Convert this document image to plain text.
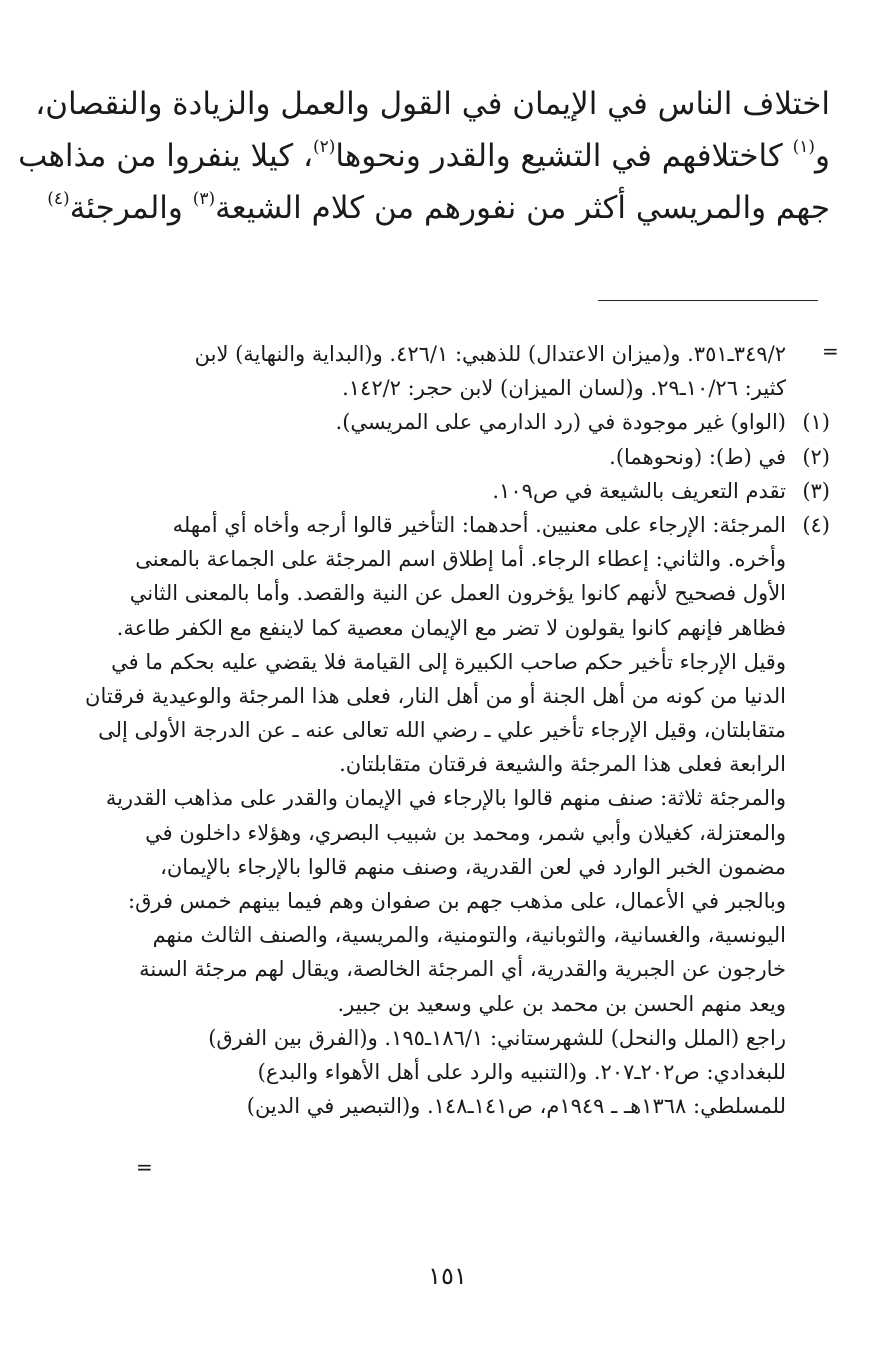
اختلاف الناس في الإيمان في القول والعمل والزيادة والنقصان،
و$^{(١)}$ كاختلافهم في التشيع والقدر ونحوها$^{(٢)}$، كيلا ينفروا من مذاهب
جهم والمريسي أكثر من نفورهم من كلام الشيعة$^{(٣)}$ والمرجئة$^{(٤)}$
=
٣٤٩/٢ـ٣٥١. و(ميزان الاعتدال) للذهبي: ٤٢٦/١. و(البداية والنهاية) لابن
كثير: ١٠/٢٦ـ٢٩. و(لسان الميزان) لابن حجر: ١٤٢/٢.
(١)
(الواو) غير موجودة في (رد الدارمي على المريسي).
(٢)
في (ط): (ونحوهما).
(٣)
تقدم التعريف بالشيعة في ص١٠٩.
(٤)
المرجئة: الإرجاء على معنيين. أحدهما: التأخير قالوا أرجه وأخاه أي أمهله
وأخره. والثاني: إعطاء الرجاء. أما إطلاق اسم المرجئة على الجماعة بالمعنى
الأول فصحيح لأنهم كانوا يؤخرون العمل عن النية والقصد. وأما بالمعنى الثاني
فظاهر فإنهم كانوا يقولون لا تضر مع الإيمان معصية كما لاينفع مع الكفر طاعة.
وقيل الإرجاء تأخير حكم صاحب الكبيرة إلى القيامة فلا يقضي عليه بحكم ما في
الدنيا من كونه من أهل الجنة أو من أهل النار، فعلى هذا المرجئة والوعيدية فرقتان
متقابلتان، وقيل الإرجاء تأخير علي ـ رضي الله تعالى عنه ـ عن الدرجة الأولى إلى
الرابعة فعلى هذا المرجئة والشيعة فرقتان متقابلتان.
والمرجئة ثلاثة: صنف منهم قالوا بالإرجاء في الإيمان والقدر على مذاهب القدرية
والمعتزلة، كغيلان وأبي شمر، ومحمد بن شبيب البصري، وهؤلاء داخلون في
مضمون الخبر الوارد في لعن القدرية، وصنف منهم قالوا بالإرجاء بالإيمان،
وبالجبر في الأعمال، على مذهب جهم بن صفوان وهم فيما بينهم خمس فرق:
اليونسية، والغسانية، والثوبانية، والتومنية، والمريسية، والصنف الثالث منهم
خارجون عن الجبرية والقدرية، أي المرجئة الخالصة، ويقال لهم مرجئة السنة
ويعد منهم الحسن بن محمد بن علي وسعيد بن جبير.
راجع (الملل والنحل) للشهرستاني: ١٨٦/١ـ١٩٥. و(الفرق بين الفرق)
للبغدادي: ص٢٠٢ـ٢٠٧. و(التنبيه والرد على أهل الأهواء والبدع)
للمسلطي: ١٣٦٨هـ ـ ١٩٤٩م، ص١٤١ـ١٤٨. و(التبصير في الدين)
=
١٥١
